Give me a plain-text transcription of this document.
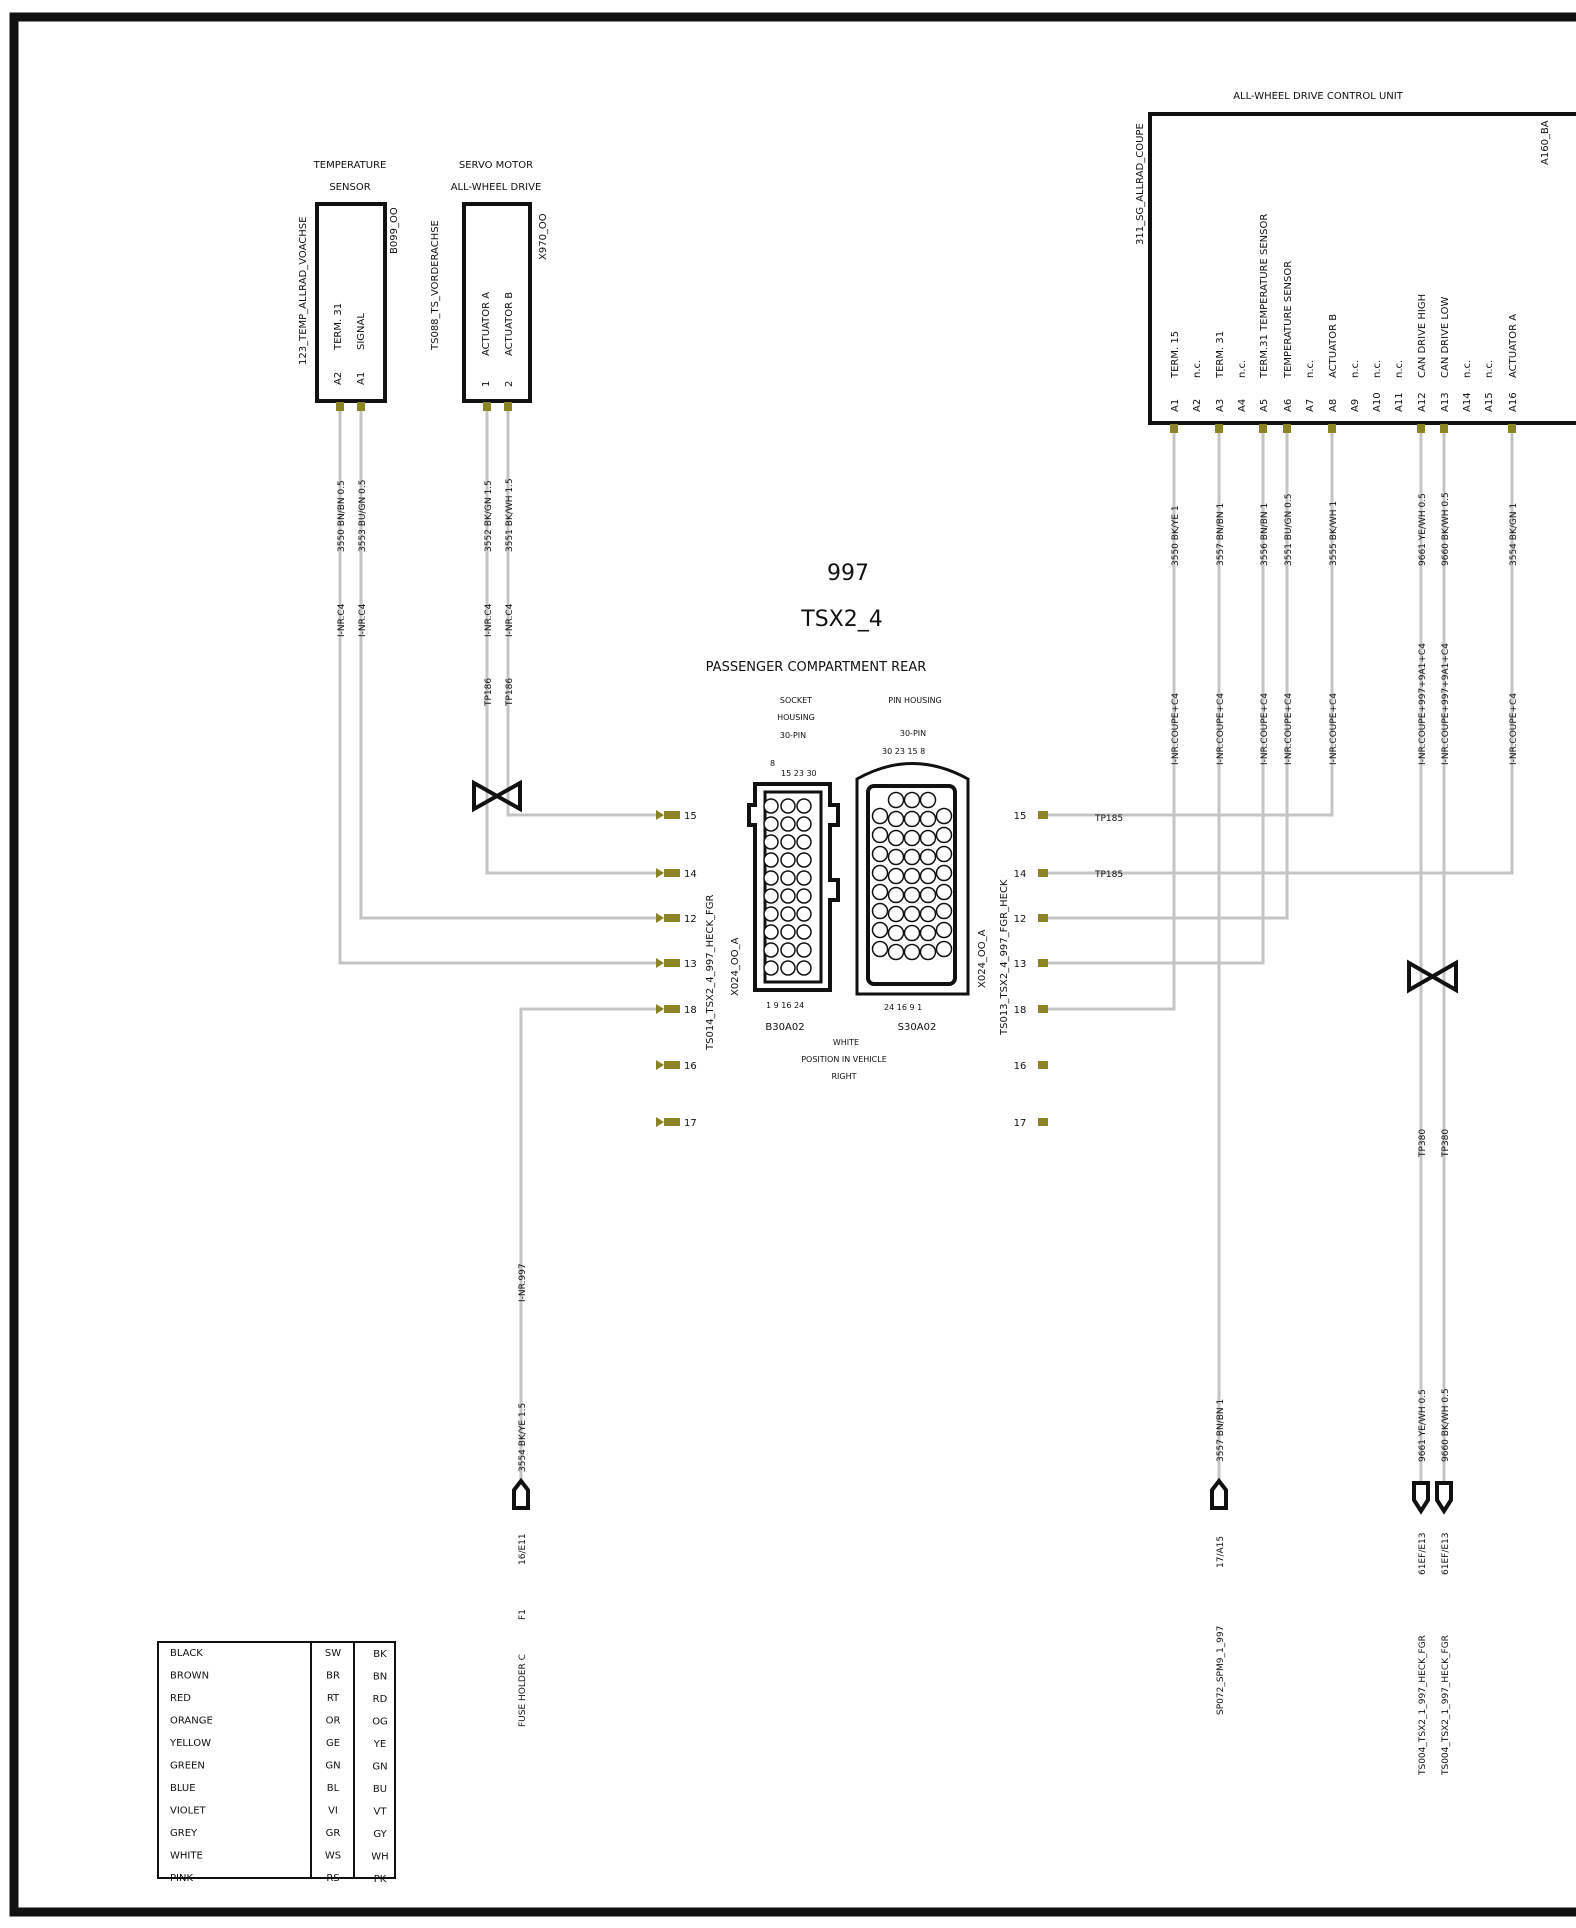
997
TSX2_4
PASSENGER COMPARTMENT REAR
TEMPERATURE
SENSOR
123_TEMP_ALLRAD_VOACHSE	B099_OO
A2
TERM. 31
A1
SIGNAL
SERVO MOTOR
ALL-WHEEL DRIVE
TS088_TS_VORDERACHSE	X970_OO
1
ACTUATOR A
2
ACTUATOR B
ALL-WHEEL DRIVE CONTROL UNIT
311_SG_ALLRAD_COUPE	A160_BA
A1
TERM. 15
A2
n.c.
A3
TERM. 31
A4
n.c.
A5
TERM.31 TEMPERATURE SENSOR
A6
TEMPERATURE SENSOR
A7
n.c.
A8
ACTUATOR B
A9
n.c.
A10
n.c.
A11
n.c.
A12
CAN DRIVE HIGH
A13
CAN DRIVE LOW
A14
n.c.
A15
n.c.
A16
ACTUATOR A
3550 BN/BN 0.5 3553 BU/GN 0.5	3552 BK/GN 1.5 3551 BK/WH 1.5
I-NR.C4 I-NR.C4	I-NR.C4 I-NR.C4
TP186 TP186
I-NR.997
3554 BK/YE 1.5
3550 BK/YE 1	3557 BN/BN 1	3556 BN/BN 1 3551 BU/GN 0.5	3555 BK/WH 1	9661 YE/WH 0.5 9660 BK/WH 0.5	3554 BK/GN 1
I-NR.COUPE+C4	I-NR.COUPE+C4	I-NR.COUPE+C4 I-NR.COUPE+C4	I-NR.COUPE+C4	I-NR.COUPE+997+9A1+C4 I-NR.COUPE+997+9A1+C4	I-NR.COUPE+C4
TP185
TP185
TP380 TP380
3557 BN/BN 1	9661 YE/WH 0.5 9660 BK/WH 0.5
15
14
12
13
18
16
17
15
14
12
13
18
16
17
TS014_TSX2_4_997_HECK_FGR	TS013_TSX2_4_997_FGR_HECK
X024_OO_A	X024_OO_A
SOCKET
HOUSING
30-PIN
8
15 23 30
1 9 16 24
B30A02
PIN HOUSING
30-PIN
30 23 15 8
24 16 9 1
S30A02
WHITE
POSITION IN VEHICLE
RIGHT
16/E11
F1
FUSE HOLDER C
17/A15
SP072_SPM9_1_997
61EF/E13
TS004_TSX2_1_997_HECK_FGR
61EF/E13
TS004_TSX2_1_997_HECK_FGR
BLACK	SW	BK
BROWN	BR	BN
RED	RT	RD
ORANGE	OR	OG
YELLOW	GE	YE
GREEN	GN	GN
BLUE	BL	BU
VIOLET	VI	VT
GREY	GR	GY
WHITE	WS	WH
PINK	RS	PK
